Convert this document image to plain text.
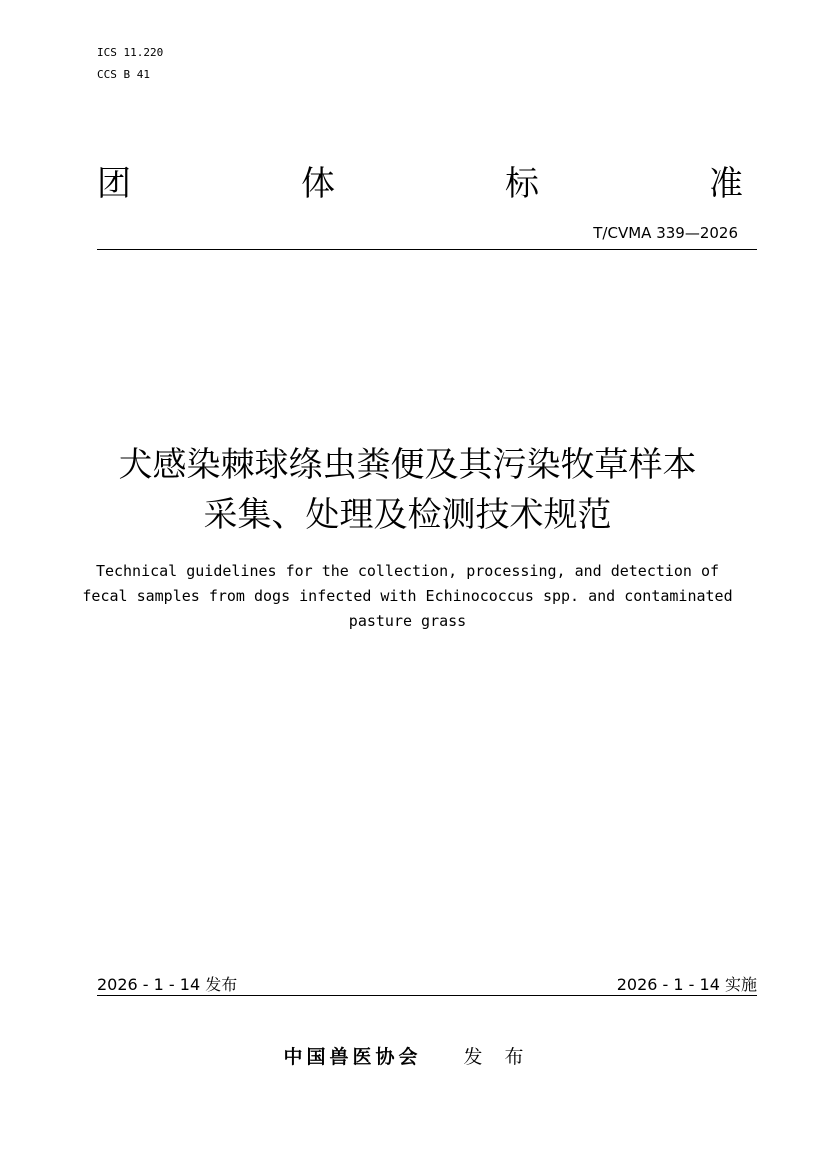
ICS 11.220
CCS B 41
团	体	标	准
T/CVMA 339—2026
犬感染棘球绦虫粪便及其污染牧草样本
采集、处理及检测技术规范
Technical guidelines for the collection, processing, and detection of
fecal samples from dogs infected with Echinococcus spp. and contaminated
pasture grass
2026 - 1 - 14 发布	2026 - 1 - 14 实施
中国兽医协会 发 布
